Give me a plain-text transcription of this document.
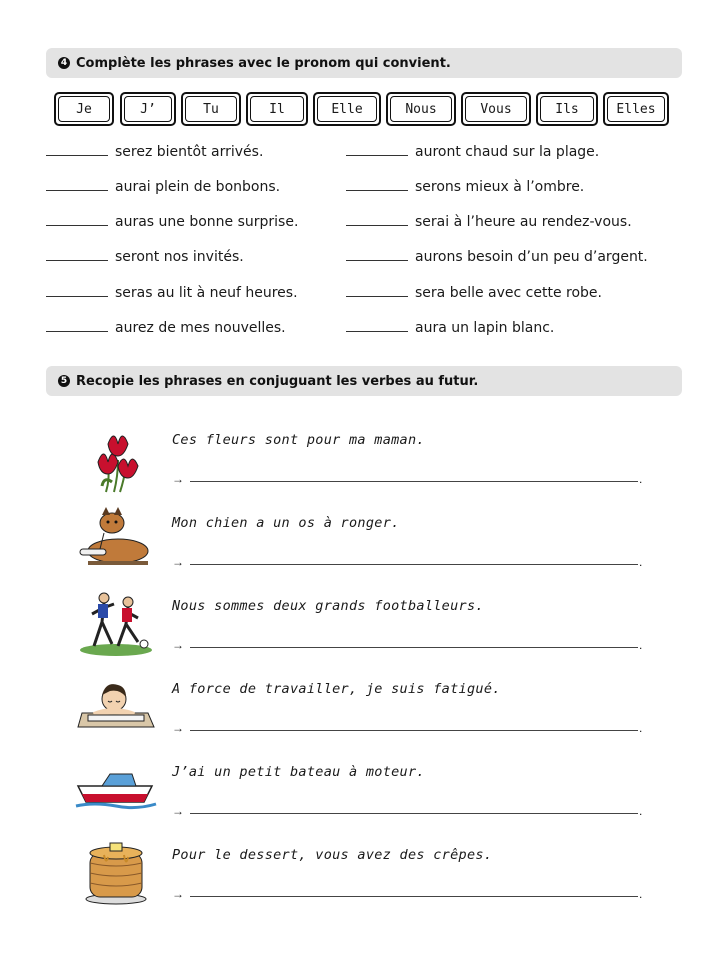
4 Complète les phrases avec le pronom qui convient.
Je	J’	Tu	Il	Elle	Nous	Vous	Ils	Elles
serez bientôt arrivés.
aurai plein de bonbons.
auras une bonne surprise.
seront nos invités.
seras au lit à neuf heures.
aurez de mes nouvelles.
auront chaud sur la plage.
serons mieux à l’ombre.
serai à l’heure au rendez-vous.
aurons besoin d’un peu d’argent.
sera belle avec cette robe.
aura un lapin blanc.
5 Recopie les phrases en conjuguant les verbes au futur.
Ces fleurs sont pour ma maman.
→	.
Mon chien a un os à ronger.
→	.
Nous sommes deux grands footballeurs.
→	.
A force de travailler, je suis fatigué.
→	.
J’ai un petit bateau à moteur.
→	.
Pour le dessert, vous avez des crêpes.
→	.
